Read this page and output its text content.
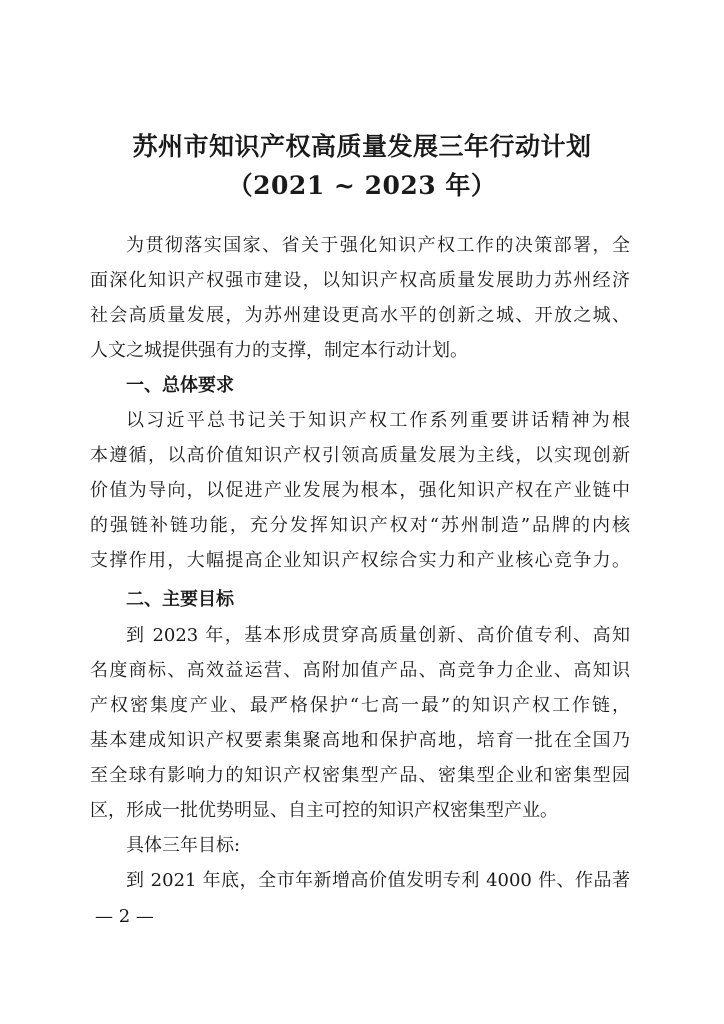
苏州市知识产权高质量发展三年行动计划
（2021 ~ 2023 年）
为贯彻落实国家、省关于强化知识产权工作的决策部署，全
面深化知识产权强市建设，以知识产权高质量发展助力苏州经济
社会高质量发展，为苏州建设更高水平的创新之城、开放之城、
人文之城提供强有力的支撑，制定本行动计划。
一、总体要求
以习近平总书记关于知识产权工作系列重要讲话精神为根
本遵循，以高价值知识产权引领高质量发展为主线，以实现创新
价值为导向，以促进产业发展为根本，强化知识产权在产业链中
的强链补链功能，充分发挥知识产权对“苏州制造”品牌的内核
支撑作用，大幅提高企业知识产权综合实力和产业核心竞争力。
二、主要目标
到 2023 年，基本形成贯穿高质量创新、高价值专利、高知
名度商标、高效益运营、高附加值产品、高竞争力企业、高知识
产权密集度产业、最严格保护“七高一最”的知识产权工作链，
基本建成知识产权要素集聚高地和保护高地，培育一批在全国乃
至全球有影响力的知识产权密集型产品、密集型企业和密集型园
区，形成一批优势明显、自主可控的知识产权密集型产业。
具体三年目标:
到 2021 年底，全市年新增高价值发明专利 4000 件、作品著
— 2 —
